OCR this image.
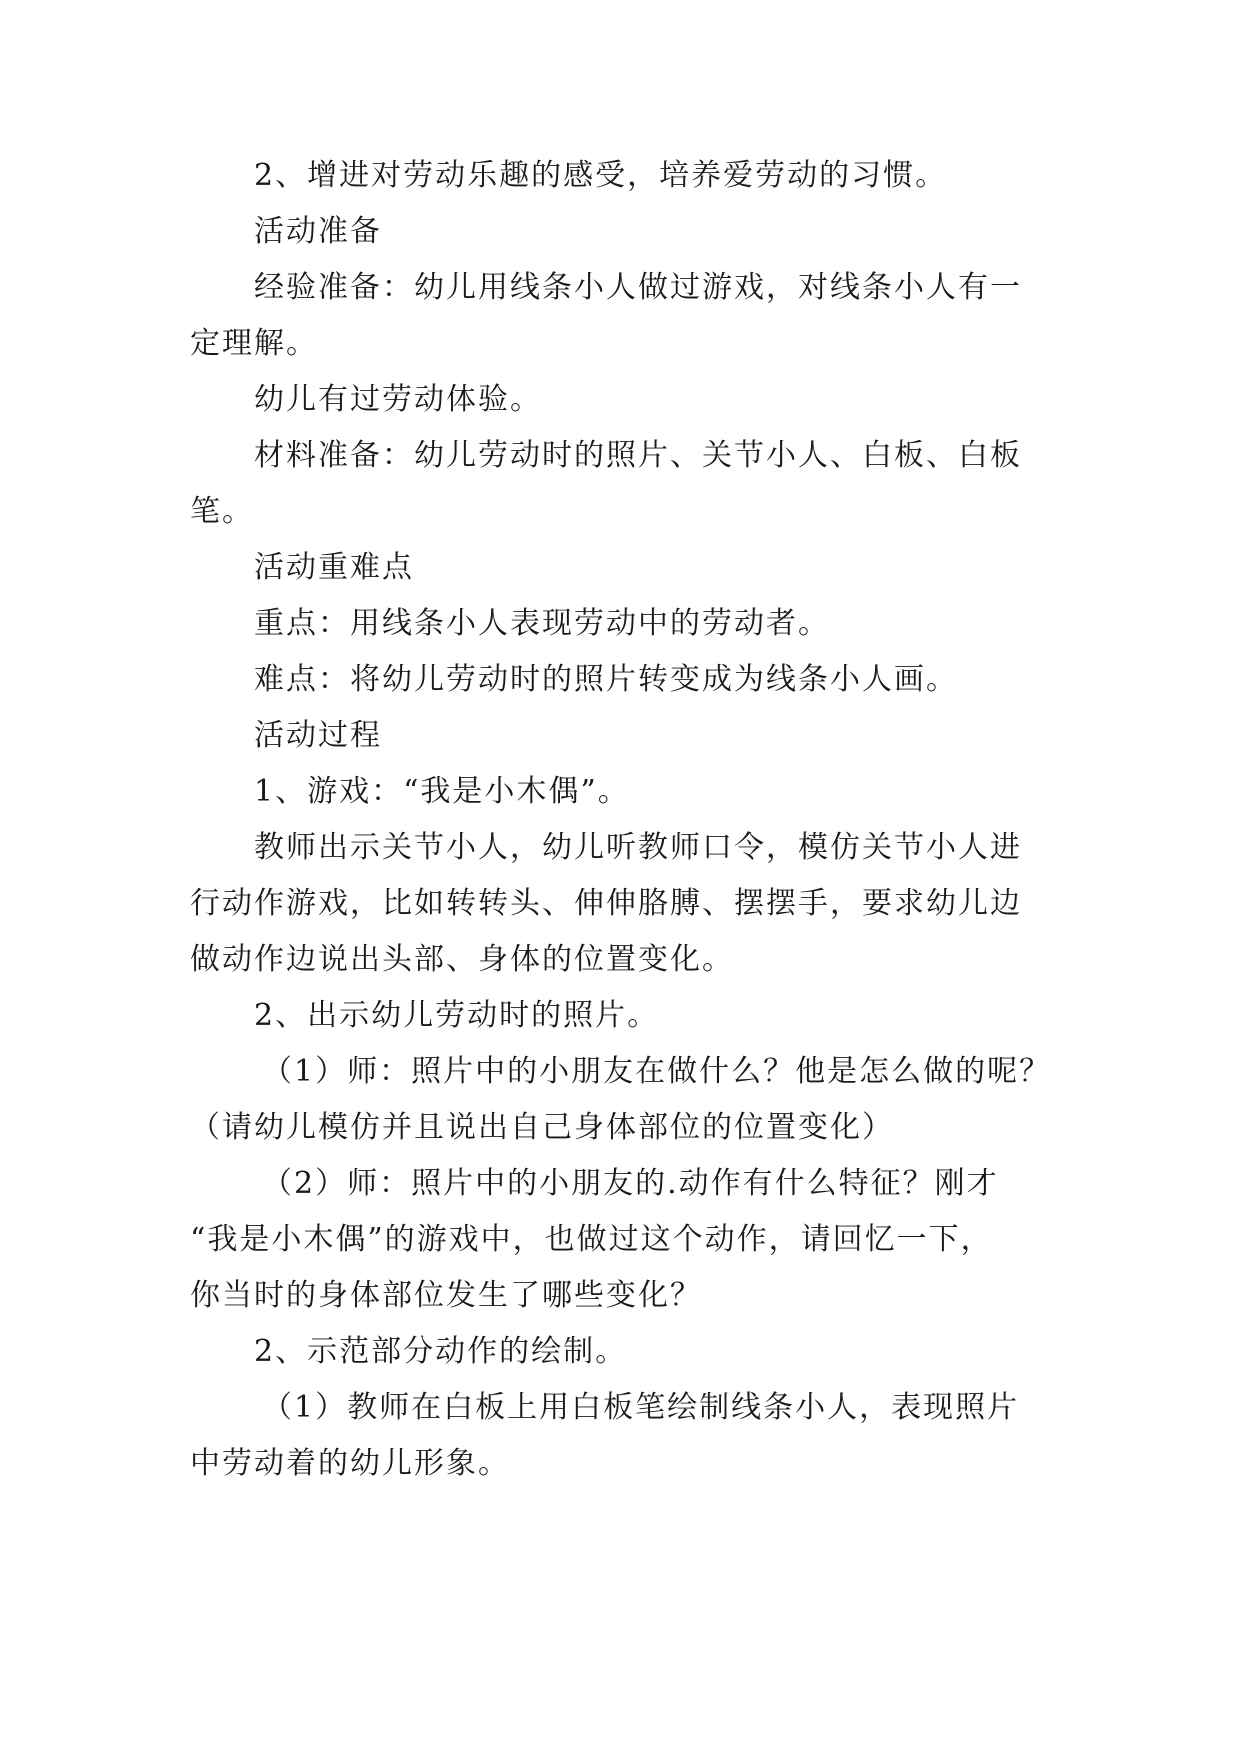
2、增进对劳动乐趣的感受，培养爱劳动的习惯。
活动准备
经验准备：幼儿用线条小人做过游戏，对线条小人有一
定理解。
幼儿有过劳动体验。
材料准备：幼儿劳动时的照片、关节小人、白板、白板
笔。
活动重难点
重点：用线条小人表现劳动中的劳动者。
难点：将幼儿劳动时的照片转变成为线条小人画。
活动过程
1、游戏：“我是小木偶”。
教师出示关节小人，幼儿听教师口令，模仿关节小人进
行动作游戏，比如转转头、伸伸胳膊、摆摆手，要求幼儿边
做动作边说出头部、身体的位置变化。
2、出示幼儿劳动时的照片。
（1）师：照片中的小朋友在做什么？他是怎么做的呢？
（请幼儿模仿并且说出自己身体部位的位置变化）
（2）师：照片中的小朋友的.动作有什么特征？刚才
“我是小木偶”的游戏中，也做过这个动作，请回忆一下，
你当时的身体部位发生了哪些变化？
2、示范部分动作的绘制。
（1）教师在白板上用白板笔绘制线条小人，表现照片
中劳动着的幼儿形象。
